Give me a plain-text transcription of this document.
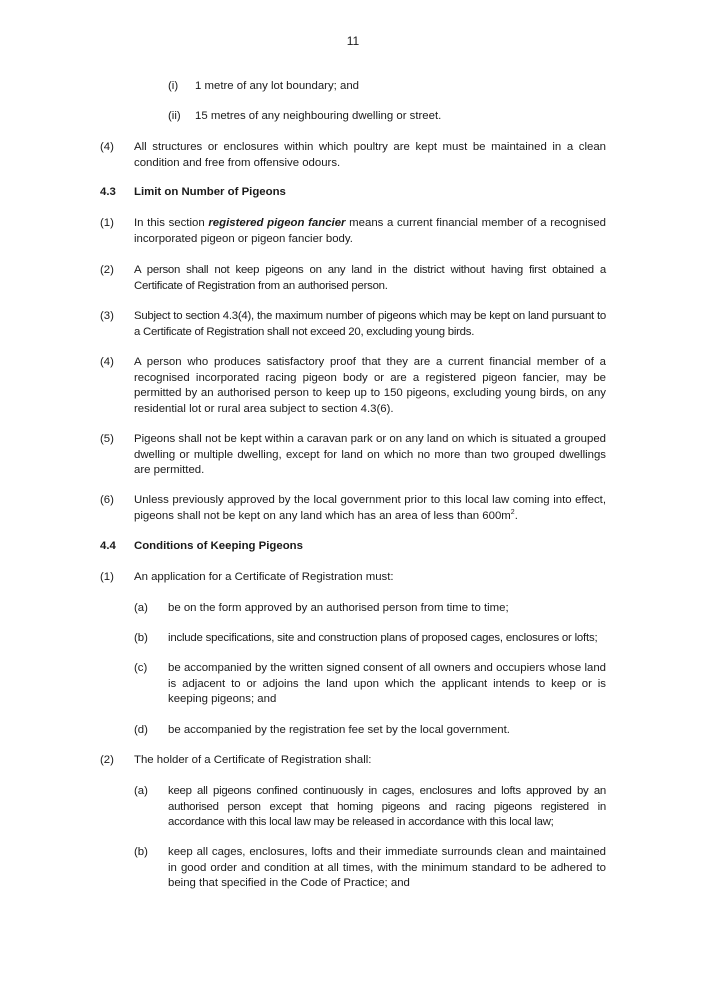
11
(i) 1 metre of any lot boundary; and
(ii) 15 metres of any neighbouring dwelling or street.
(4) All structures or enclosures within which poultry are kept must be maintained in a clean condition and free from offensive odours.
4.3 Limit on Number of Pigeons
(1) In this section registered pigeon fancier means a current financial member of a recognised incorporated pigeon or pigeon fancier body.
(2) A person shall not keep pigeons on any land in the district without having first obtained a Certificate of Registration from an authorised person.
(3) Subject to section 4.3(4), the maximum number of pigeons which may be kept on land pursuant to a Certificate of Registration shall not exceed 20, excluding young birds.
(4) A person who produces satisfactory proof that they are a current financial member of a recognised incorporated racing pigeon body or are a registered pigeon fancier, may be permitted by an authorised person to keep up to 150 pigeons, excluding young birds, on any residential lot or rural area subject to section 4.3(6).
(5) Pigeons shall not be kept within a caravan park or on any land on which is situated a grouped dwelling or multiple dwelling, except for land on which no more than two grouped dwellings are permitted.
(6) Unless previously approved by the local government prior to this local law coming into effect, pigeons shall not be kept on any land which has an area of less than $600m^2$.
4.4 Conditions of Keeping Pigeons
(1) An application for a Certificate of Registration must:
(a) be on the form approved by an authorised person from time to time;
(b) include specifications, site and construction plans of proposed cages, enclosures or lofts;
(c) be accompanied by the written signed consent of all owners and occupiers whose land is adjacent to or adjoins the land upon which the applicant intends to keep or is keeping pigeons; and
(d) be accompanied by the registration fee set by the local government.
(2) The holder of a Certificate of Registration shall:
(a) keep all pigeons confined continuously in cages, enclosures and lofts approved by an authorised person except that homing pigeons and racing pigeons registered in accordance with this local law may be released in accordance with this local law;
(b) keep all cages, enclosures, lofts and their immediate surrounds clean and maintained in good order and condition at all times, with the minimum standard to be adhered to being that specified in the Code of Practice; and
